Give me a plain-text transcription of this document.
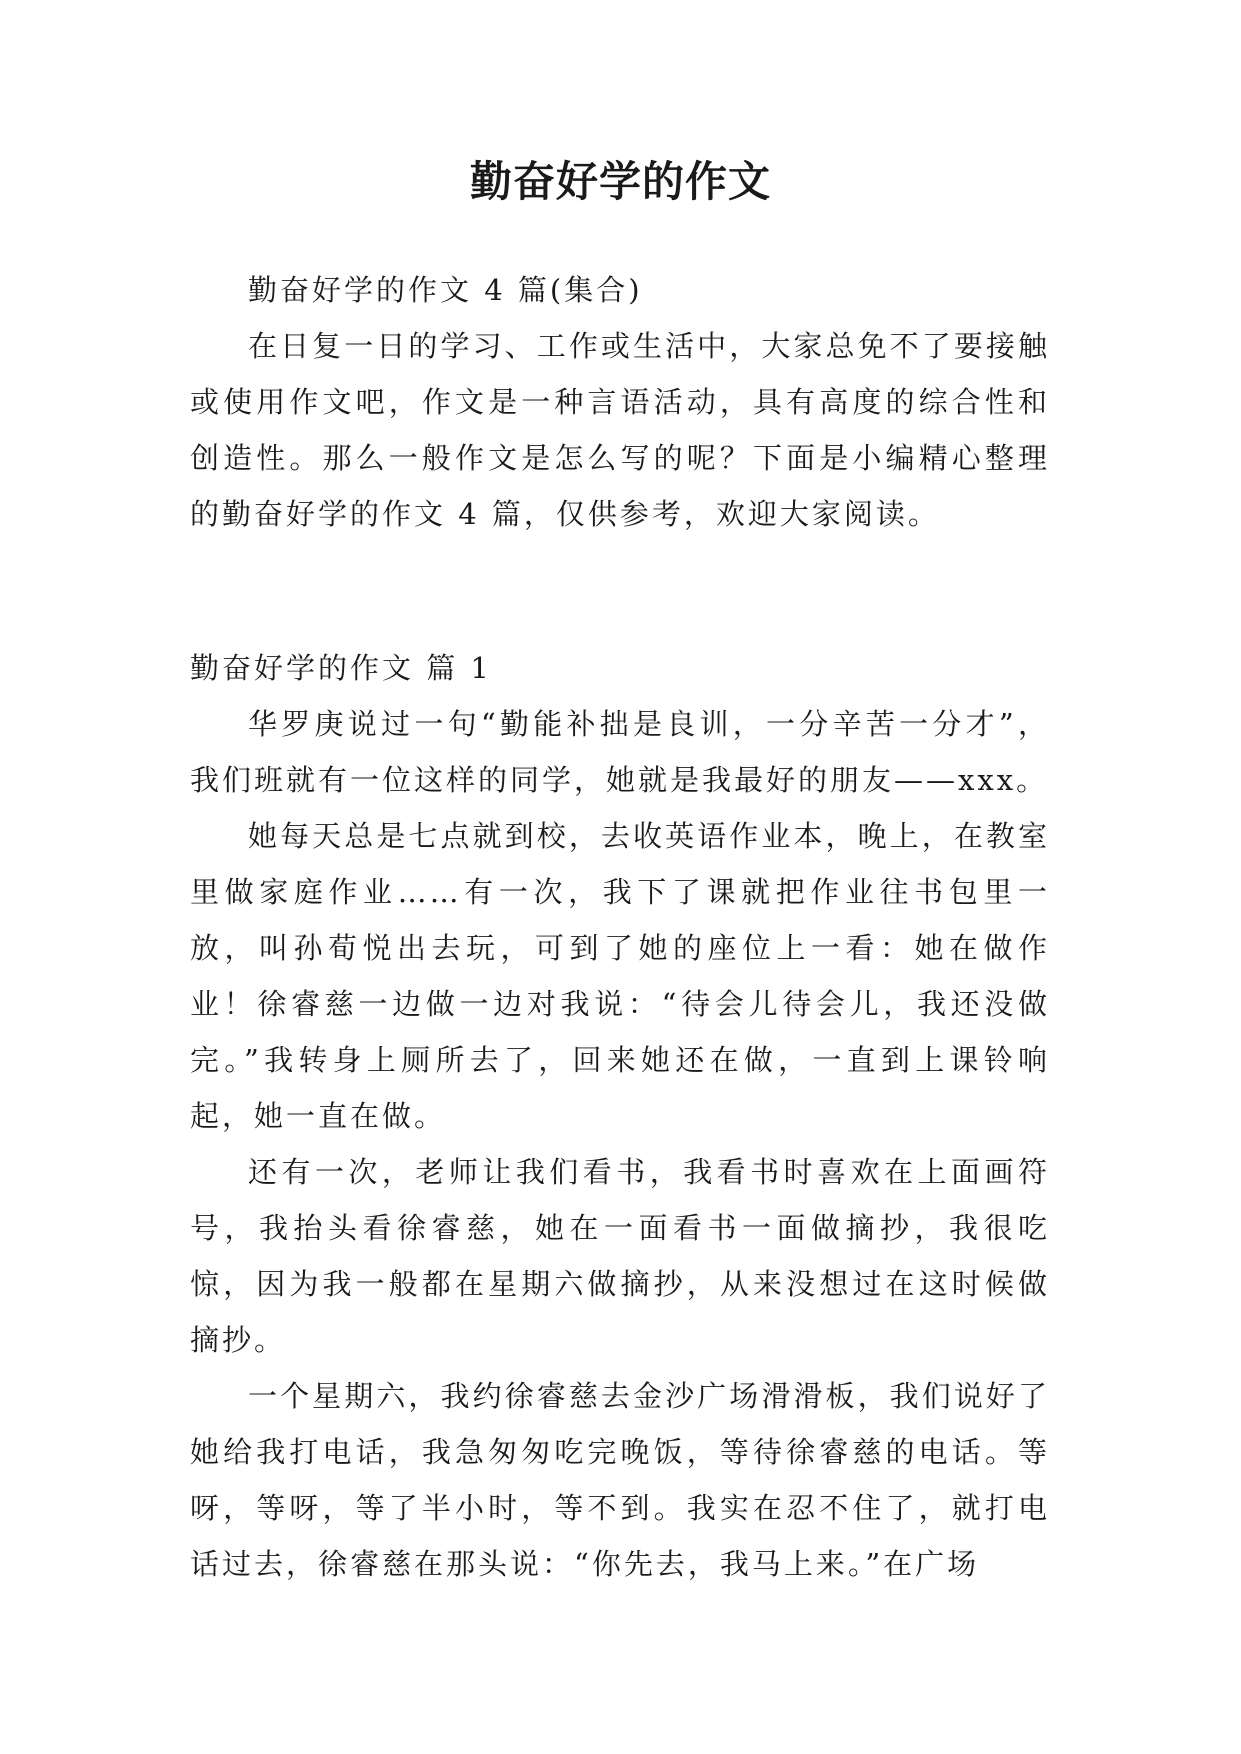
勤奋好学的作文

勤奋好学的作文 4 篇(集合)

在日复一日的学习、工作或生活中，大家总免不了要接触或使用作文吧，作文是一种言语活动，具有高度的综合性和创造性。那么一般作文是怎么写的呢？下面是小编精心整理的勤奋好学的作文 4 篇，仅供参考，欢迎大家阅读。

勤奋好学的作文 篇 1

华罗庚说过一句“勤能补拙是良训，一分辛苦一分才”，我们班就有一位这样的同学，她就是我最好的朋友——xxx。

她每天总是七点就到校，去收英语作业本，晚上，在教室里做家庭作业……有一次，我下了课就把作业往书包里一放，叫孙荀悦出去玩，可到了她的座位上一看：她在做作业！徐睿慈一边做一边对我说：“待会儿待会儿，我还没做完。”我转身上厕所去了，回来她还在做，一直到上课铃响起，她一直在做。

还有一次，老师让我们看书，我看书时喜欢在上面画符号，我抬头看徐睿慈，她在一面看书一面做摘抄，我很吃惊，因为我一般都在星期六做摘抄，从来没想过在这时候做摘抄。

一个星期六，我约徐睿慈去金沙广场滑滑板，我们说好了她给我打电话，我急匆匆吃完晚饭，等待徐睿慈的电话。等呀，等呀，等了半小时，等不到。我实在忍不住了，就打电话过去，徐睿慈在那头说：“你先去，我马上来。”在广场
